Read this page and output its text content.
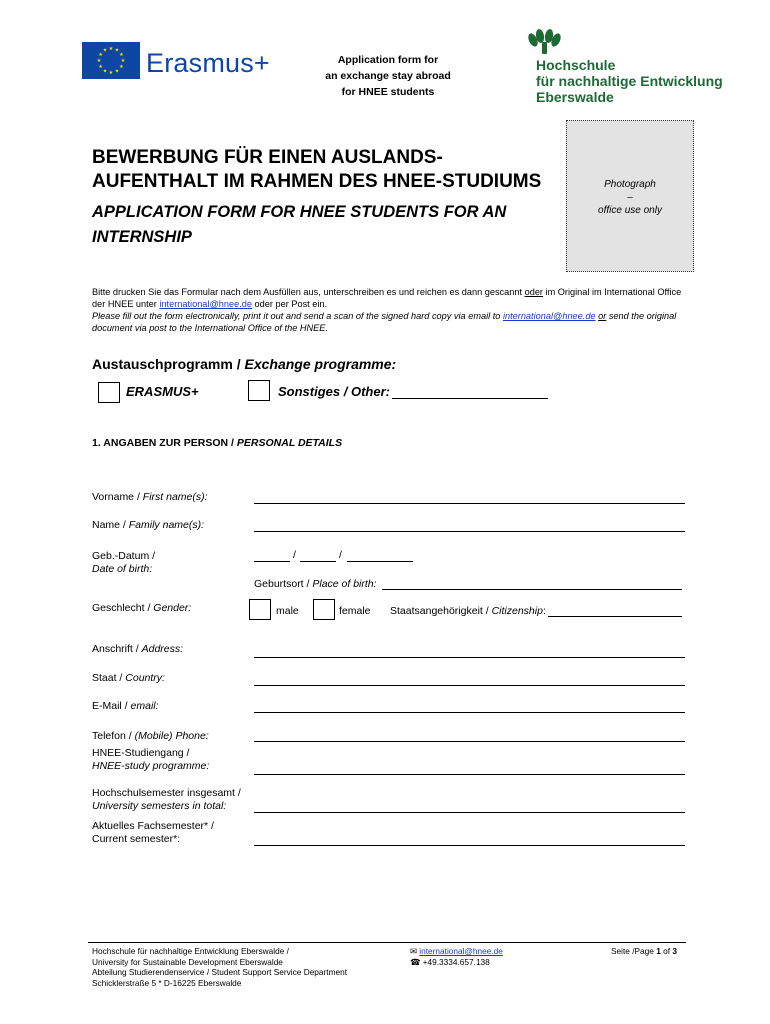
★ ★
★
★
★
★
★
★
★
★
★
★ Erasmus+	Application form for
an exchange stay abroad
for HNEE students
Hochschule
für nachhaltige Entwicklung
Eberswalde
Photograph
–
office use only
BEWERBUNG FÜR EINEN AUSLANDS-
AUFENTHALT IM RAHMEN DES HNEE-STUDIUMS
APPLICATION FORM FOR HNEE STUDENTS FOR AN
INTERNSHIP
Bitte drucken Sie das Formular nach dem Ausfüllen aus, unterschreiben es und reichen es dann gescannt oder im Original im International Office der HNEE unter international@hnee.de oder per Post ein.
Please fill out the form electronically, print it out and send a scan of the signed hard copy via email to international@hnee.de or send the original document via post to the International Office of the HNEE.
Austauschprogramm / Exchange programme:
ERASMUS+	Sonstiges / Other:
1. ANGABEN ZUR PERSON / PERSONAL DETAILS
Vorname / First name(s):
Name / Family name(s):
Geb.-Datum /
Date of birth:
/	/
Geburtsort / Place of birth:
Geschlecht / Gender:	male	female Staatsangehörigkeit / Citizenship:
Anschrift / Address:
Staat / Country:
E-Mail / email:
Telefon / (Mobile) Phone:
HNEE-Studiengang /
HNEE-study programme:
Hochschulsemester insgesamt /
University semesters in total:
Aktuelles Fachsemester* /
Current semester*:
Hochschule für nachhaltige Entwicklung Eberswalde /
University for Sustainable Development Eberswalde
Abteilung Studierendenservice / Student Support Service Department
Schicklerstraße 5 * D-16225 Eberswalde
✉ international@hnee.de
☎ +49.3334.657.138
Seite /Page 1 of 3
